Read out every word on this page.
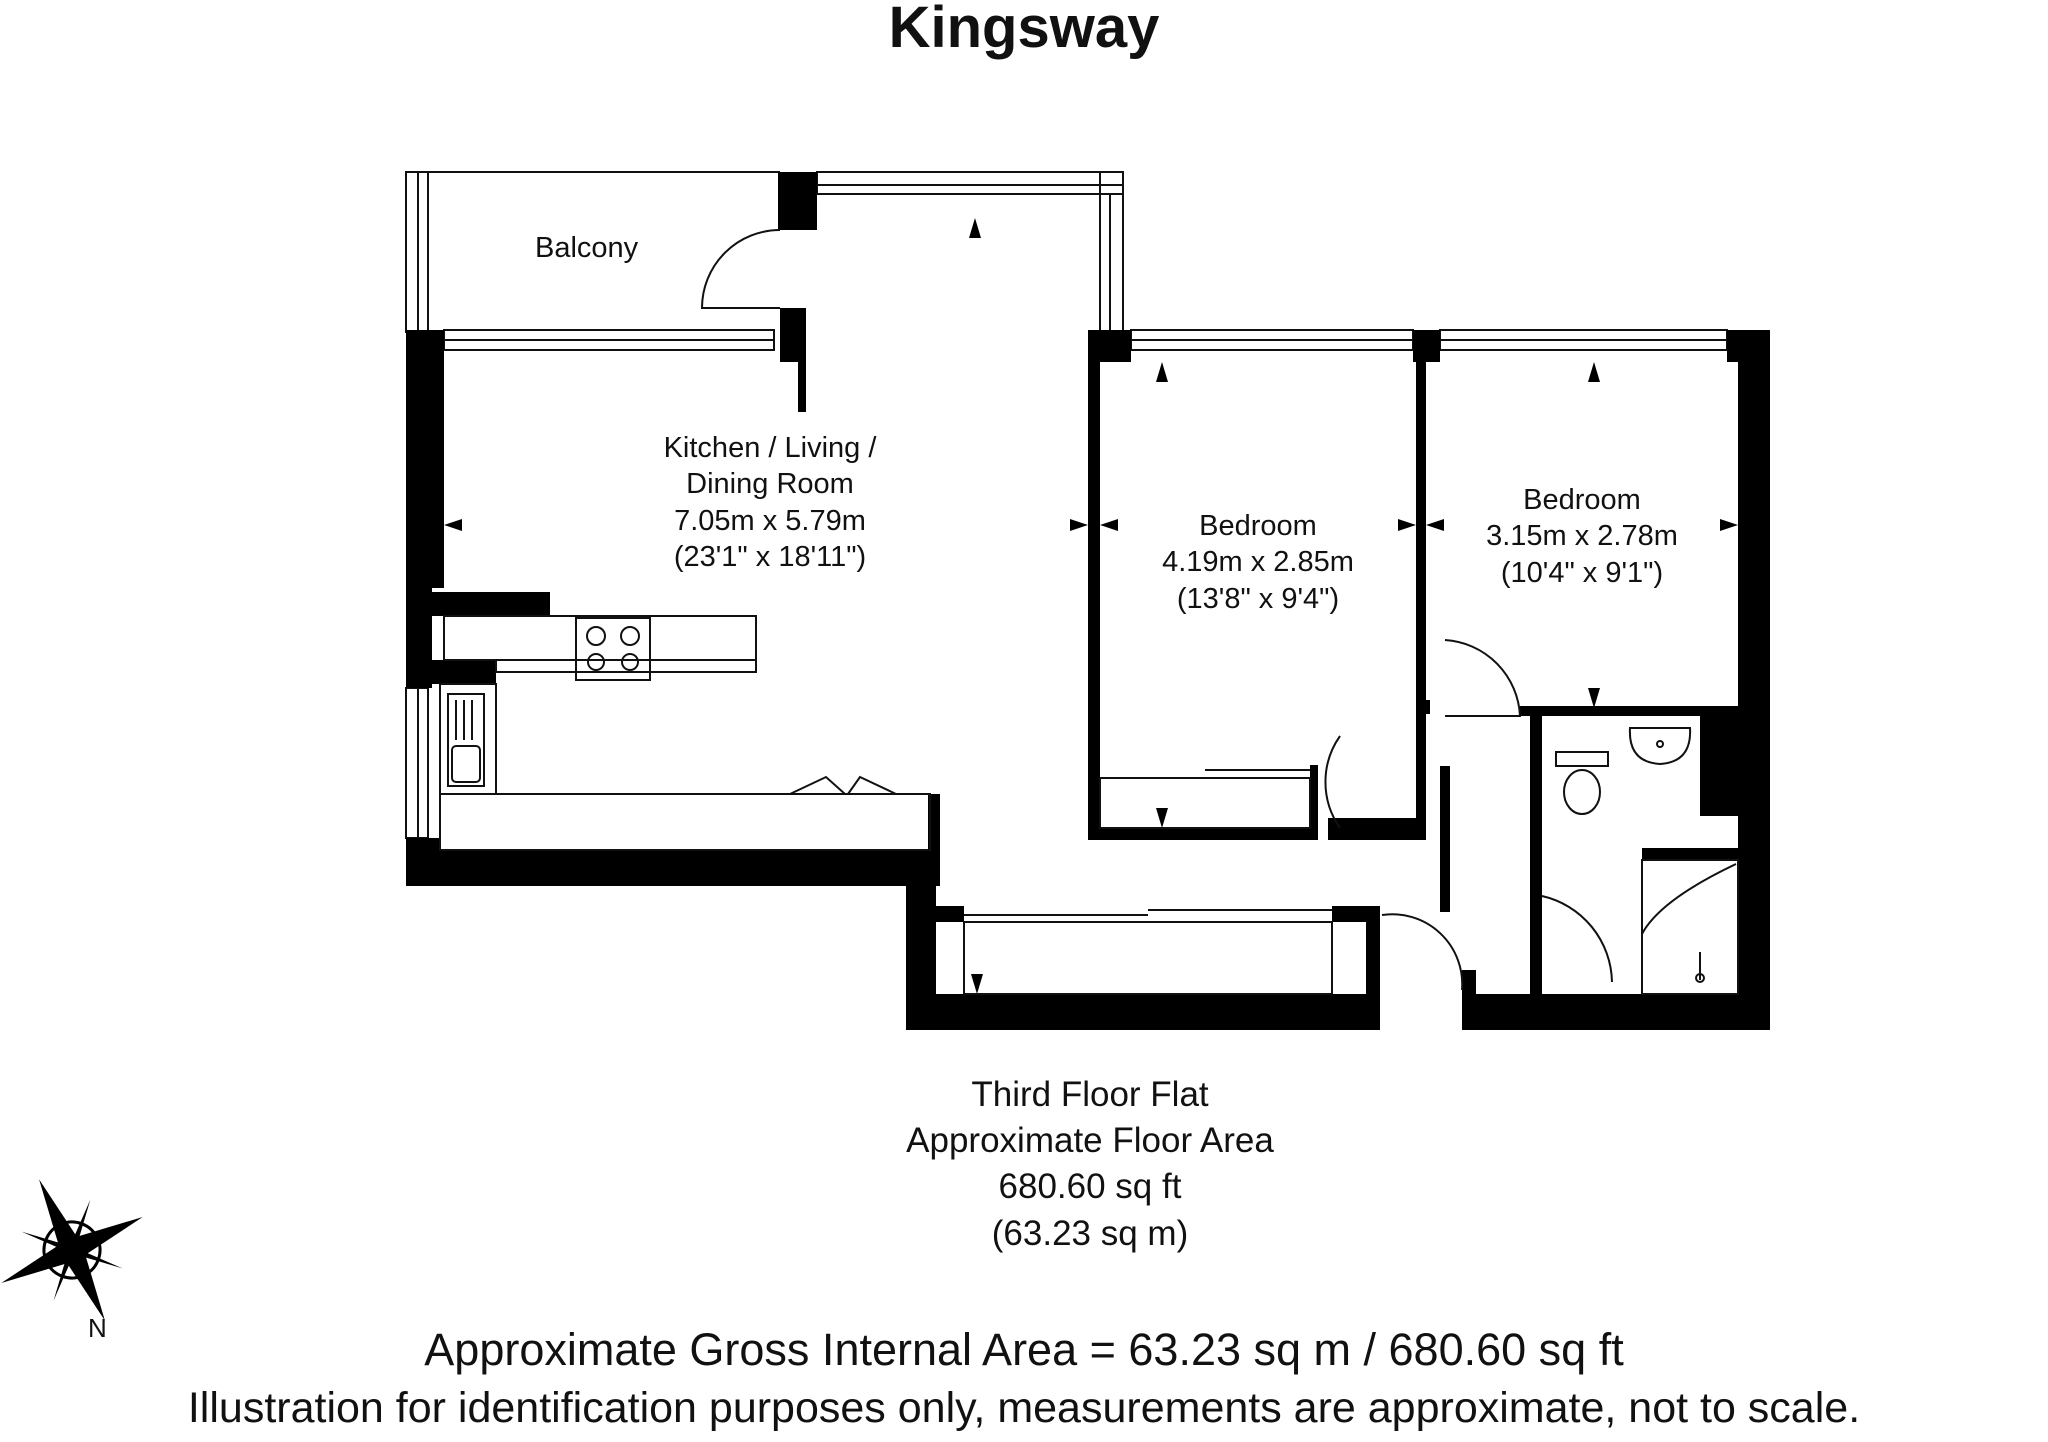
Kingsway
Balcony
Kitchen / Living /
Dining Room
7.05m x 5.79m
(23'1" x 18'11")
Bedroom
4.19m x 2.85m
(13'8" x 9'4")
Bedroom
3.15m x 2.78m
(10'4" x 9'1")
Third Floor Flat
Approximate Floor Area
680.60 sq ft
(63.23 sq m)
N	Approximate Gross Internal Area = 63.23 sq m / 680.60 sq ft
Illustration for identification purposes only, measurements are approximate, not to scale.
